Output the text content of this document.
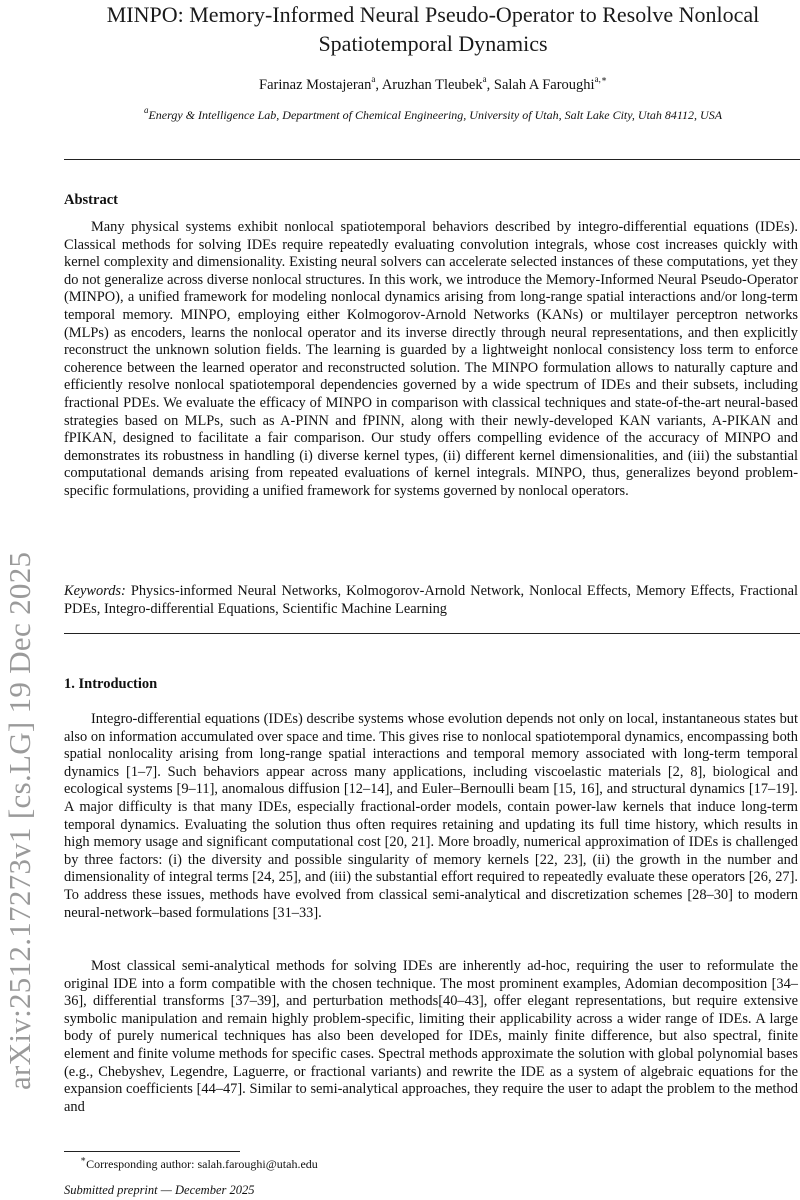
arXiv:2512.17273v1 [cs.LG] 19 Dec 2025
MINPO: Memory-Informed Neural Pseudo-Operator to Resolve Nonlocal Spatiotemporal Dynamics
Farinaz Mostajeran$^a$, Aruzhan Tleubek$^a$, Salah A Faroughi$^{a,∗}$
$^a$Energy & Intelligence Lab, Department of Chemical Engineering, University of Utah, Salt Lake City, Utah 84112, USA
Abstract

Many physical systems exhibit nonlocal spatiotemporal behaviors described by integro-differential equations (IDEs). Classical methods for solving IDEs require repeatedly evaluating convolution integrals, whose cost increases quickly with kernel complexity and dimensionality. Existing neural solvers can accelerate selected instances of these computations, yet they do not generalize across diverse nonlocal structures. In this work, we introduce the Memory-Informed Neural Pseudo-Operator (MINPO), a unified framework for modeling nonlocal dynamics arising from long-range spatial interactions and/or long-term temporal memory. MINPO, employing either Kolmogorov-Arnold Networks (KANs) or multilayer perceptron networks (MLPs) as encoders, learns the nonlocal operator and its inverse directly through neural representations, and then explicitly reconstruct the unknown solution fields. The learning is guarded by a lightweight nonlocal consistency loss term to enforce coherence between the learned operator and reconstructed solution. The MINPO formulation allows to naturally capture and efficiently resolve nonlocal spatiotemporal dependencies governed by a wide spectrum of IDEs and their subsets, including fractional PDEs. We evaluate the efficacy of MINPO in comparison with classical techniques and state-of-the-art neural-based strategies based on MLPs, such as A-PINN and fPINN, along with their newly-developed KAN variants, A-PIKAN and fPIKAN, designed to facilitate a fair comparison. Our study offers compelling evidence of the accuracy of MINPO and demonstrates its robustness in handling (i) diverse kernel types, (ii) different kernel dimensionalities, and (iii) the substantial computational demands arising from repeated evaluations of kernel integrals. MINPO, thus, generalizes beyond problem-specific formulations, providing a unified framework for systems governed by nonlocal operators.

Keywords: Physics-informed Neural Networks, Kolmogorov-Arnold Network, Nonlocal Effects, Memory Effects, Fractional PDEs, Integro-differential Equations, Scientific Machine Learning

1. Introduction

Integro-differential equations (IDEs) describe systems whose evolution depends not only on local, instantaneous states but also on information accumulated over space and time. This gives rise to nonlocal spatiotemporal dynamics, encompassing both spatial nonlocality arising from long-range spatial interactions and temporal memory associated with long-term temporal dynamics [1–7]. Such behaviors appear across many applications, including viscoelastic materials [2, 8], biological and ecological systems [9–11], anomalous diffusion [12–14], and Euler–Bernoulli beam [15, 16], and structural dynamics [17–19]. A major difficulty is that many IDEs, especially fractional-order models, contain power-law kernels that induce long-term temporal dynamics. Evaluating the solution thus often requires retaining and updating its full time history, which results in high memory usage and significant computational cost [20, 21]. More broadly, numerical approximation of IDEs is challenged by three factors: (i) the diversity and possible singularity of memory kernels [22, 23], (ii) the growth in the number and dimensionality of integral terms [24, 25], and (iii) the substantial effort required to repeatedly evaluate these operators [26, 27]. To address these issues, methods have evolved from classical semi-analytical and discretization schemes [28–30] to modern neural-network–based formulations [31–33].

Most classical semi-analytical methods for solving IDEs are inherently ad-hoc, requiring the user to reformulate the original IDE into a form compatible with the chosen technique. The most prominent examples, Adomian decomposition [34–36], differential transforms [37–39], and perturbation methods[40–43], offer elegant representations, but require extensive symbolic manipulation and remain highly problem-specific, limiting their applicability across a wider range of IDEs. A large body of purely numerical techniques has also been developed for IDEs, mainly finite difference, but also spectral, finite element and finite volume methods for specific cases. Spectral methods approximate the solution with global polynomial bases (e.g., Chebyshev, Legendre, Laguerre, or fractional variants) and rewrite the IDE as a system of algebraic equations for the expansion coefficients [44–47]. Similar to semi-analytical approaches, they require the user to adapt the problem to the method and

∗Corresponding author: salah.faroughi@utah.edu
Submitted preprint — December 2025
